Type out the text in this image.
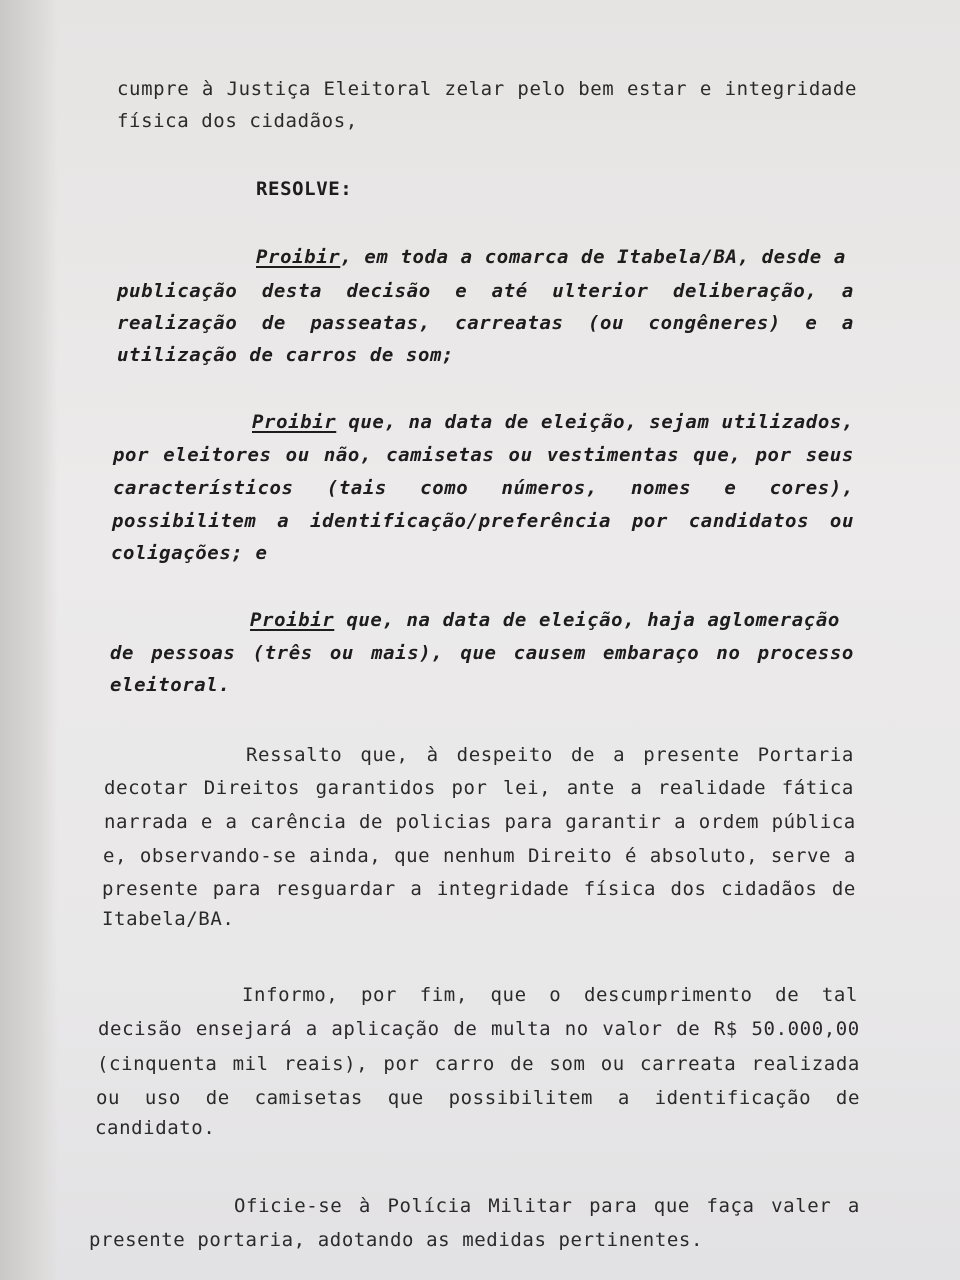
cumpre à Justiça Eleitoral zelar pelo bem estar e integridade
física dos cidadãos,
RESOLVE:
Proibir, em toda a comarca de Itabela/BA, desde a
publicação desta decisão e até ulterior deliberação, a
realização de passeatas, carreatas (ou congêneres) e a
utilização de carros de som;
Proibir que, na data de eleição, sejam utilizados,
por eleitores ou não, camisetas ou vestimentas que, por seus
característicos (tais como números, nomes e cores),
possibilitem a identificação/preferência por candidatos ou
coligações; e
Proibir que, na data de eleição, haja aglomeração
de pessoas (três ou mais), que causem embaraço no processo
eleitoral.
Ressalto que, à despeito de a presente Portaria
decotar Direitos garantidos por lei, ante a realidade fática
narrada e a carência de policias para garantir a ordem pública
e, observando-se ainda, que nenhum Direito é absoluto, serve a
presente para resguardar a integridade física dos cidadãos de
Itabela/BA.
Informo, por fim, que o descumprimento de tal
decisão ensejará a aplicação de multa no valor de R$ 50.000,00
(cinquenta mil reais), por carro de som ou carreata realizada
ou uso de camisetas que possibilitem a identificação de
candidato.
Oficie-se à Polícia Militar para que faça valer a
presente portaria, adotando as medidas pertinentes.
